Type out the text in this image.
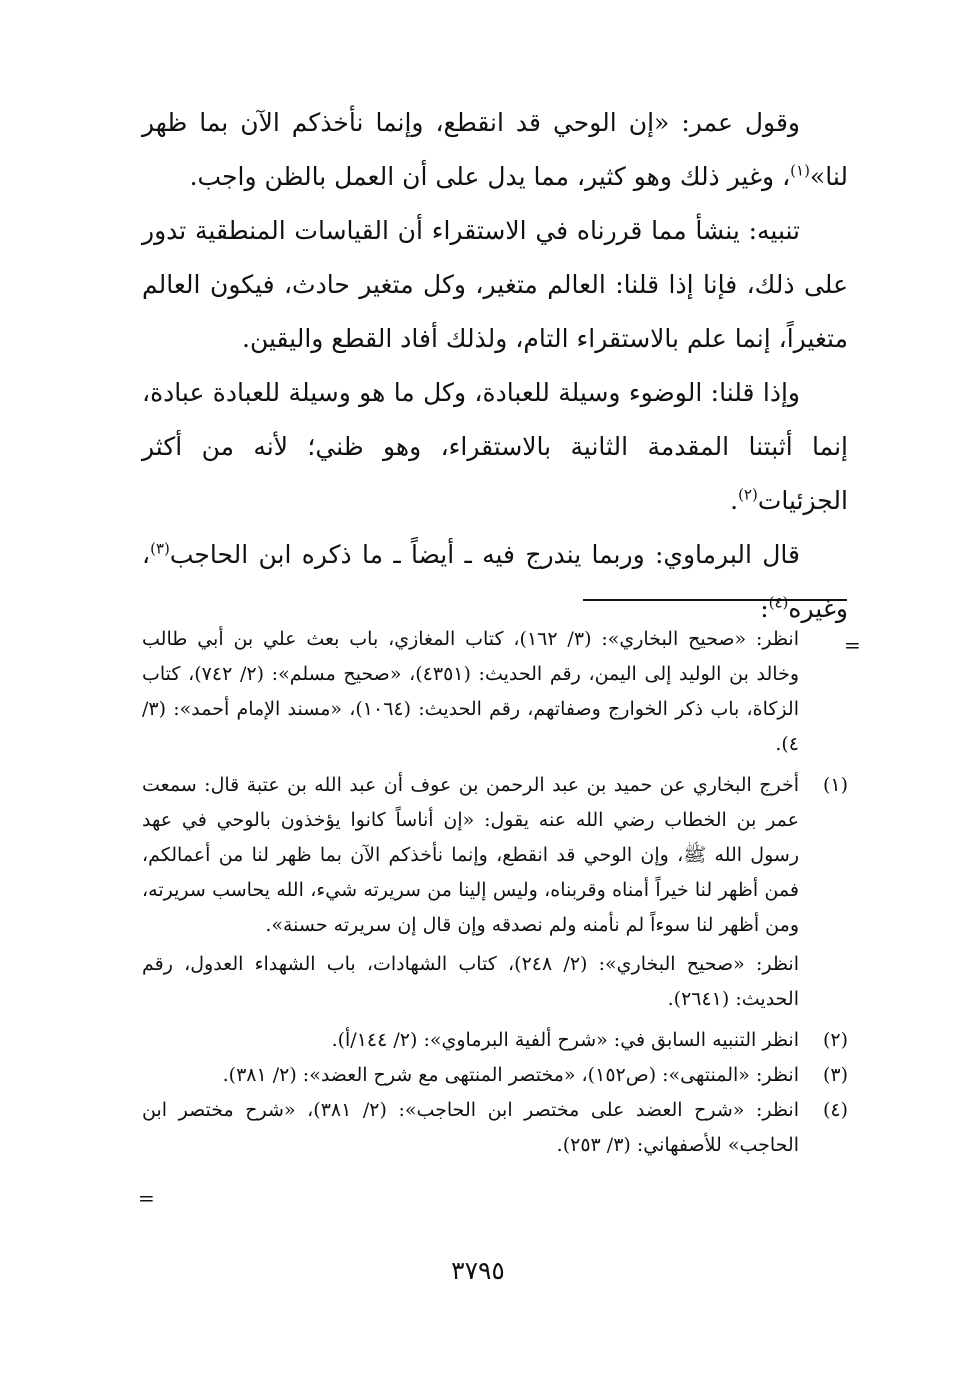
وقول عمر: «إن الوحي قد انقطع، وإنما نأخذكم الآن بما ظهر لنا»$^{(١)}$، وغير ذلك وهو كثير، مما يدل على أن العمل بالظن واجب.

تنبيه: ينشأ مما قررناه في الاستقراء أن القياسات المنطقية تدور على ذلك، فإنا إذا قلنا: العالم متغير، وكل متغير حادث، فيكون العالم متغيراً، إنما علم بالاستقراء التام، ولذلك أفاد القطع واليقين.

وإذا قلنا: الوضوء وسيلة للعبادة، وكل ما هو وسيلة للعبادة عبادة، إنما أثبتنا المقدمة الثانية بالاستقراء، وهو ظني؛ لأنه من أكثر الجزئيات$^{(٢)}$.

قال البرماوي: وربما يندرج فيه ـ أيضاً ـ ما ذكره ابن الحاجب$^{(٣)}$، وغيره$^{(٤)}$:

=
انظر: «صحيح البخاري»: (٣/ ١٦٢)، كتاب المغازي، باب بعث علي بن أبي طالب وخالد بن الوليد إلى اليمن، رقم الحديث: (٤٣٥١)، «صحيح مسلم»: (٢/ ٧٤٢)، كتاب الزكاة، باب ذكر الخوارج وصفاتهم، رقم الحديث: (١٠٦٤)، «مسند الإمام أحمد»: (٣/ ٤).
(١)
أخرج البخاري عن حميد بن عبد الرحمن بن عوف أن عبد الله بن عتبة قال: سمعت عمر بن الخطاب رضي الله عنه يقول: «إن أناساً كانوا يؤخذون بالوحي في عهد رسول الله ﷺ، وإن الوحي قد انقطع، وإنما نأخذكم الآن بما ظهر لنا من أعمالكم، فمن أظهر لنا خيراً أمناه وقربناه، وليس إلينا من سريرته شيء، الله يحاسب سريرته، ومن أظهر لنا سوءاً لم نأمنه ولم نصدقه وإن قال إن سريرته حسنة».
انظر: «صحيح البخاري»: (٢/ ٢٤٨)، كتاب الشهادات، باب الشهداء العدول، رقم الحديث: (٢٦٤١).
(٢)
انظر التنبيه السابق في: «شرح ألفية البرماوي»: (٢/ ١٤٤/أ).
(٣)
انظر: «المنتهى»: (ص١٥٢)، «مختصر المنتهى مع شرح العضد»: (٢/ ٣٨١).
(٤)
انظر: «شرح العضد على مختصر ابن الحاجب»: (٢/ ٣٨١)، «شرح مختصر ابن الحاجب» للأصفهاني: (٣/ ٢٥٣).
=
٣٧٩٥
